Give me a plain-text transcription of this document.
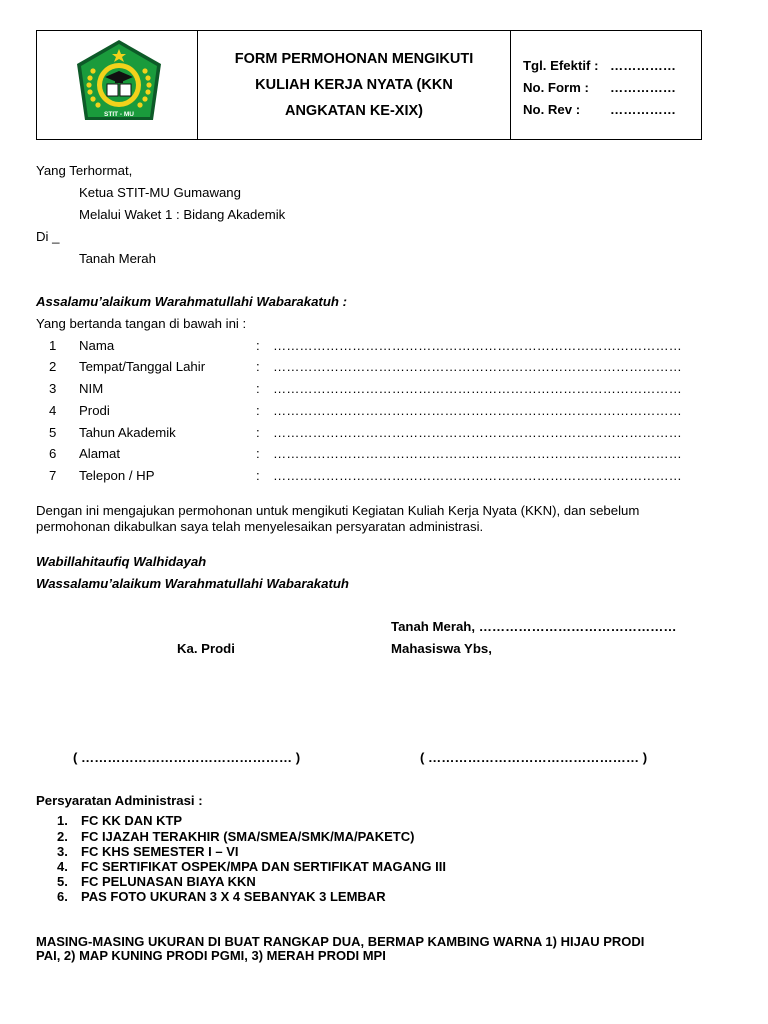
STIT - MU
FORM PERMOHONAN MENGIKUTI
KULIAH KERJA NYATA (KKN
ANGKATAN KE-XIX)
Tgl. Efektif : ……………
No. Form :	……………
No. Rev :	……………
Yang Terhormat,
Ketua STIT-MU Gumawang
Melalui Waket 1 : Bidang Akademik
Di _
Tanah Merah
Assalamu’alaikum Warahmatullahi Wabarakatuh :
Yang bertanda tangan di bawah ini :
1 Nama	: …………………………………………………………………………………
2 Tempat/Tanggal Lahir	: …………………………………………………………………………………
3 NIM	: …………………………………………………………………………………
4 Prodi	: …………………………………………………………………………………
5 Tahun Akademik	: …………………………………………………………………………………
6 Alamat	: …………………………………………………………………………………
7 Telepon / HP	: …………………………………………………………………………………
Dengan ini mengajukan permohonan untuk mengikuti Kegiatan Kuliah Kerja Nyata (KKN), dan sebelum
permohonan dikabulkan saya telah menyelesaikan persyaratan administrasi.
Wabillahitaufiq Walhidayah
Wassalamu’alaikum Warahmatullahi Wabarakatuh
Tanah Merah, ………………………………………
Ka. Prodi	Mahasiswa Ybs,
( ………………………………………… )	( ………………………………………… )
Persyaratan Administrasi :
1. FC KK DAN KTP
2. FC IJAZAH TERAKHIR (SMA/SMEA/SMK/MA/PAKETC)
3. FC KHS SEMESTER I – VI
4. FC SERTIFIKAT OSPEK/MPA DAN SERTIFIKAT MAGANG III
5. FC PELUNASAN BIAYA KKN
6. PAS FOTO UKURAN 3 X 4 SEBANYAK 3 LEMBAR
MASING-MASING UKURAN DI BUAT RANGKAP DUA, BERMAP KAMBING WARNA 1) HIJAU PRODI
PAI, 2) MAP KUNING PRODI PGMI, 3) MERAH PRODI MPI
